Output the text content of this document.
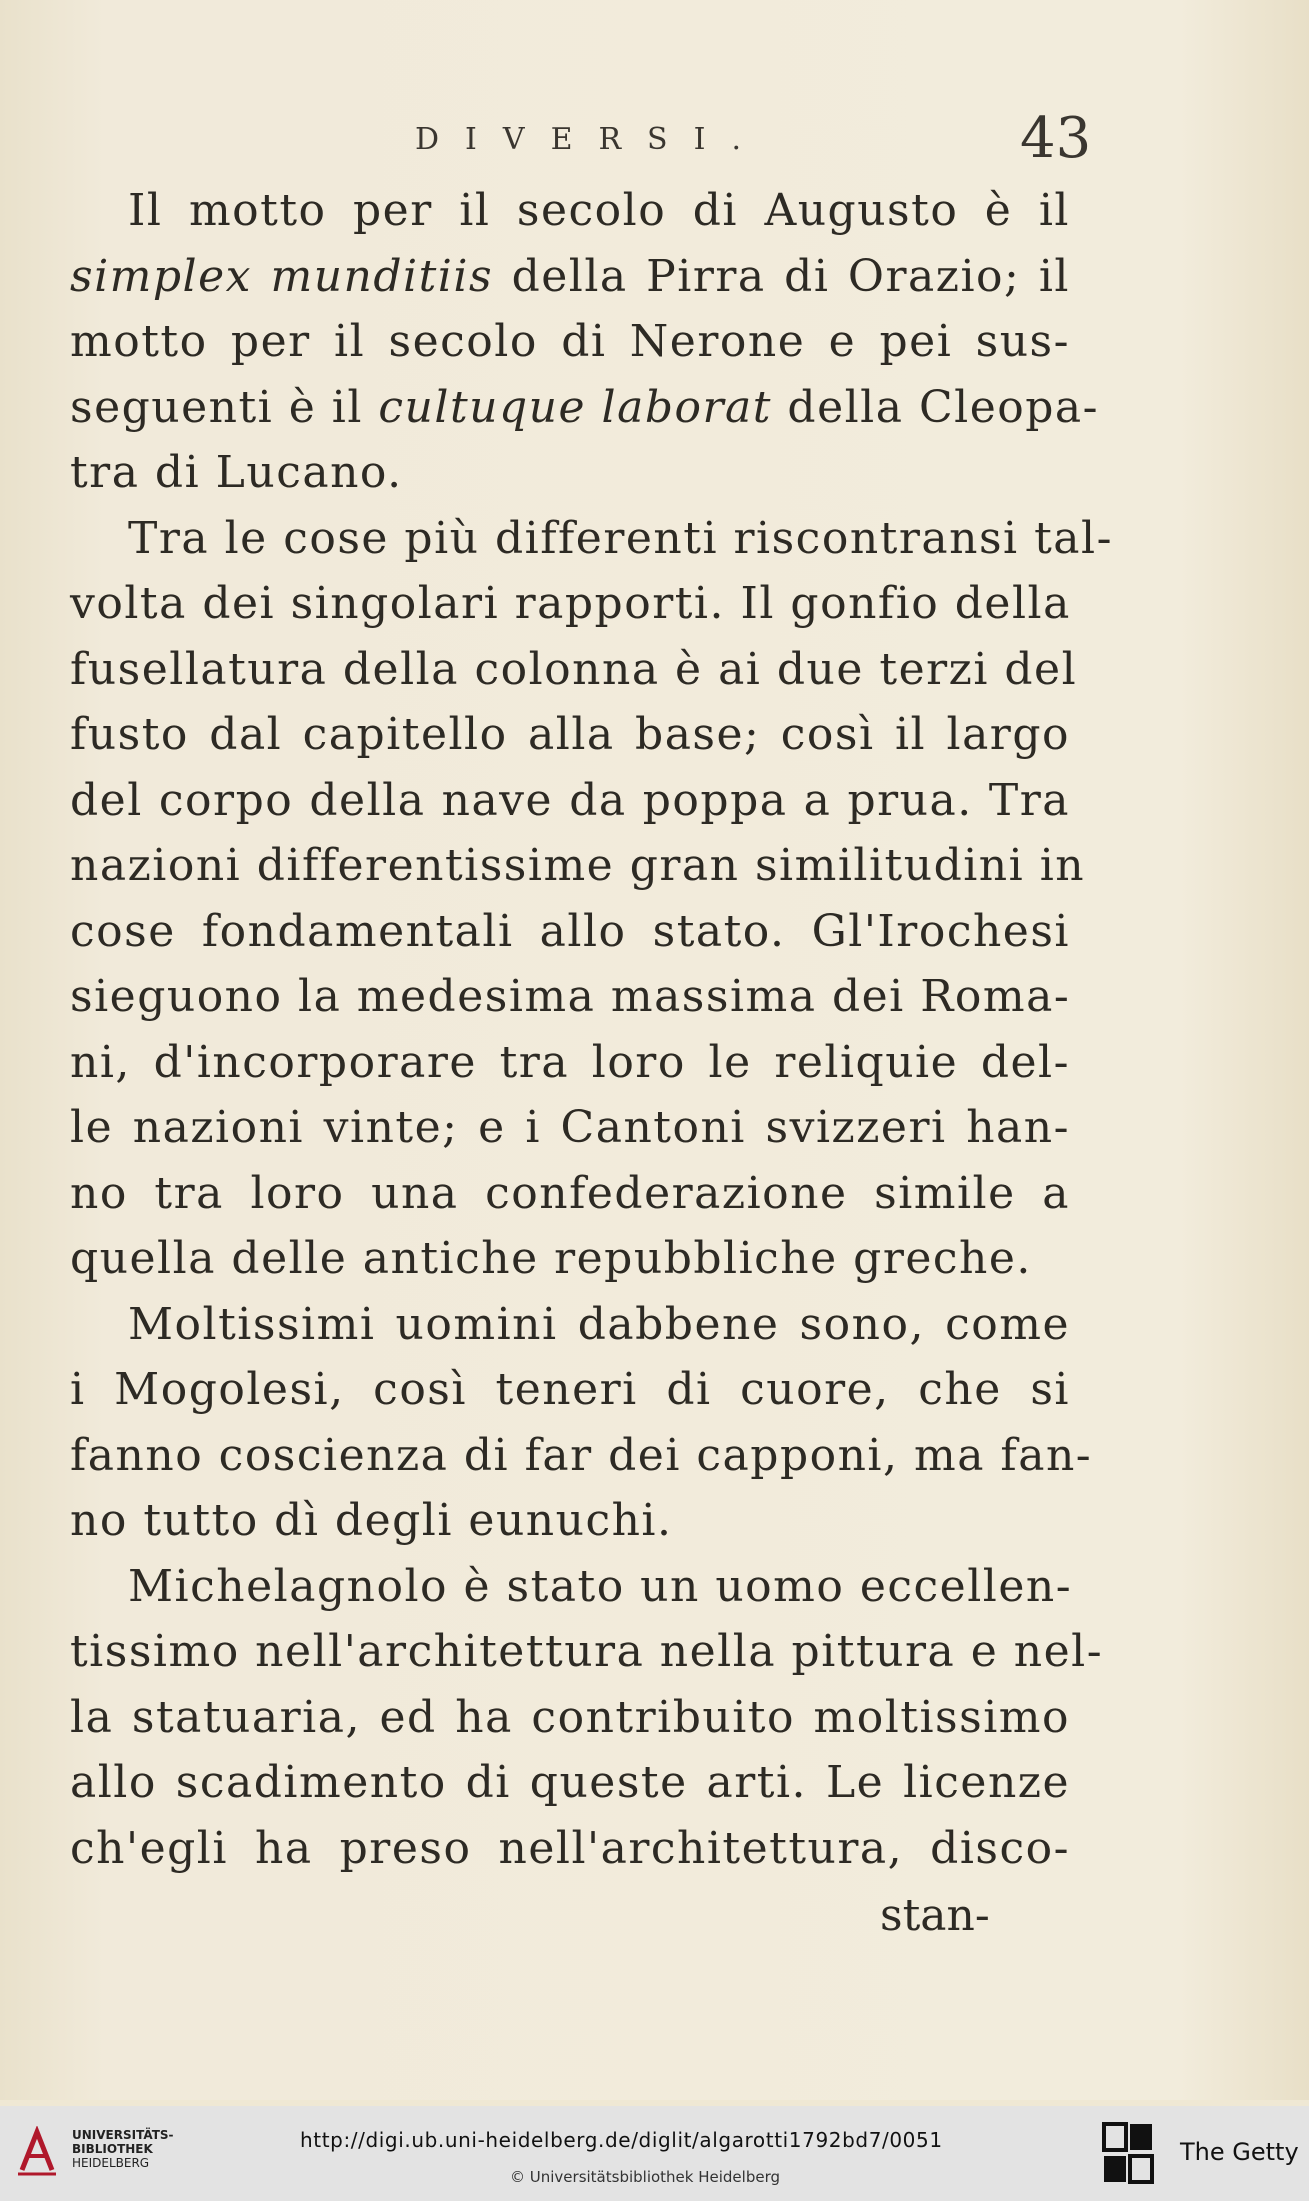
DIVERSI.	43

Il motto per il secolo di Augusto è il
simplex munditiis della Pirra di Orazio; il
motto per il secolo di Nerone e pei sus-
seguenti è il cultuque laborat della Cleopa-
tra di Lucano.

Tra le cose più differenti riscontransi tal-
volta dei singolari rapporti. Il gonfio della
fusellatura della colonna è ai due terzi del
fusto dal capitello alla base; così il largo
del corpo della nave da poppa a prua. Tra
nazioni differentissime gran similitudini in
cose fondamentali allo stato. Gl'Irochesi
sieguono la medesima massima dei Roma-
ni, d'incorporare tra loro le reliquie del-
le nazioni vinte; e i Cantoni svizzeri han-
no tra loro una confederazione simile a
quella delle antiche repubbliche greche.

Moltissimi uomini dabbene sono, come
i Mogolesi, così teneri di cuore, che si
fanno coscienza di far dei capponi, ma fan-
no tutto dì degli eunuchi.

Michelagnolo è stato un uomo eccellen-
tissimo nell'architettura nella pittura e nel-
la statuaria, ed ha contribuito moltissimo
allo scadimento di queste arti. Le licenze
ch'egli ha preso nell'architettura, disco-

stan-
UNIVERSITÄTS-
BIBLIOTHEK
HEIDELBERG
http://digi.ub.uni-heidelberg.de/diglit/algarotti1792bd7/0051
© Universitätsbibliothek Heidelberg
The Getty
